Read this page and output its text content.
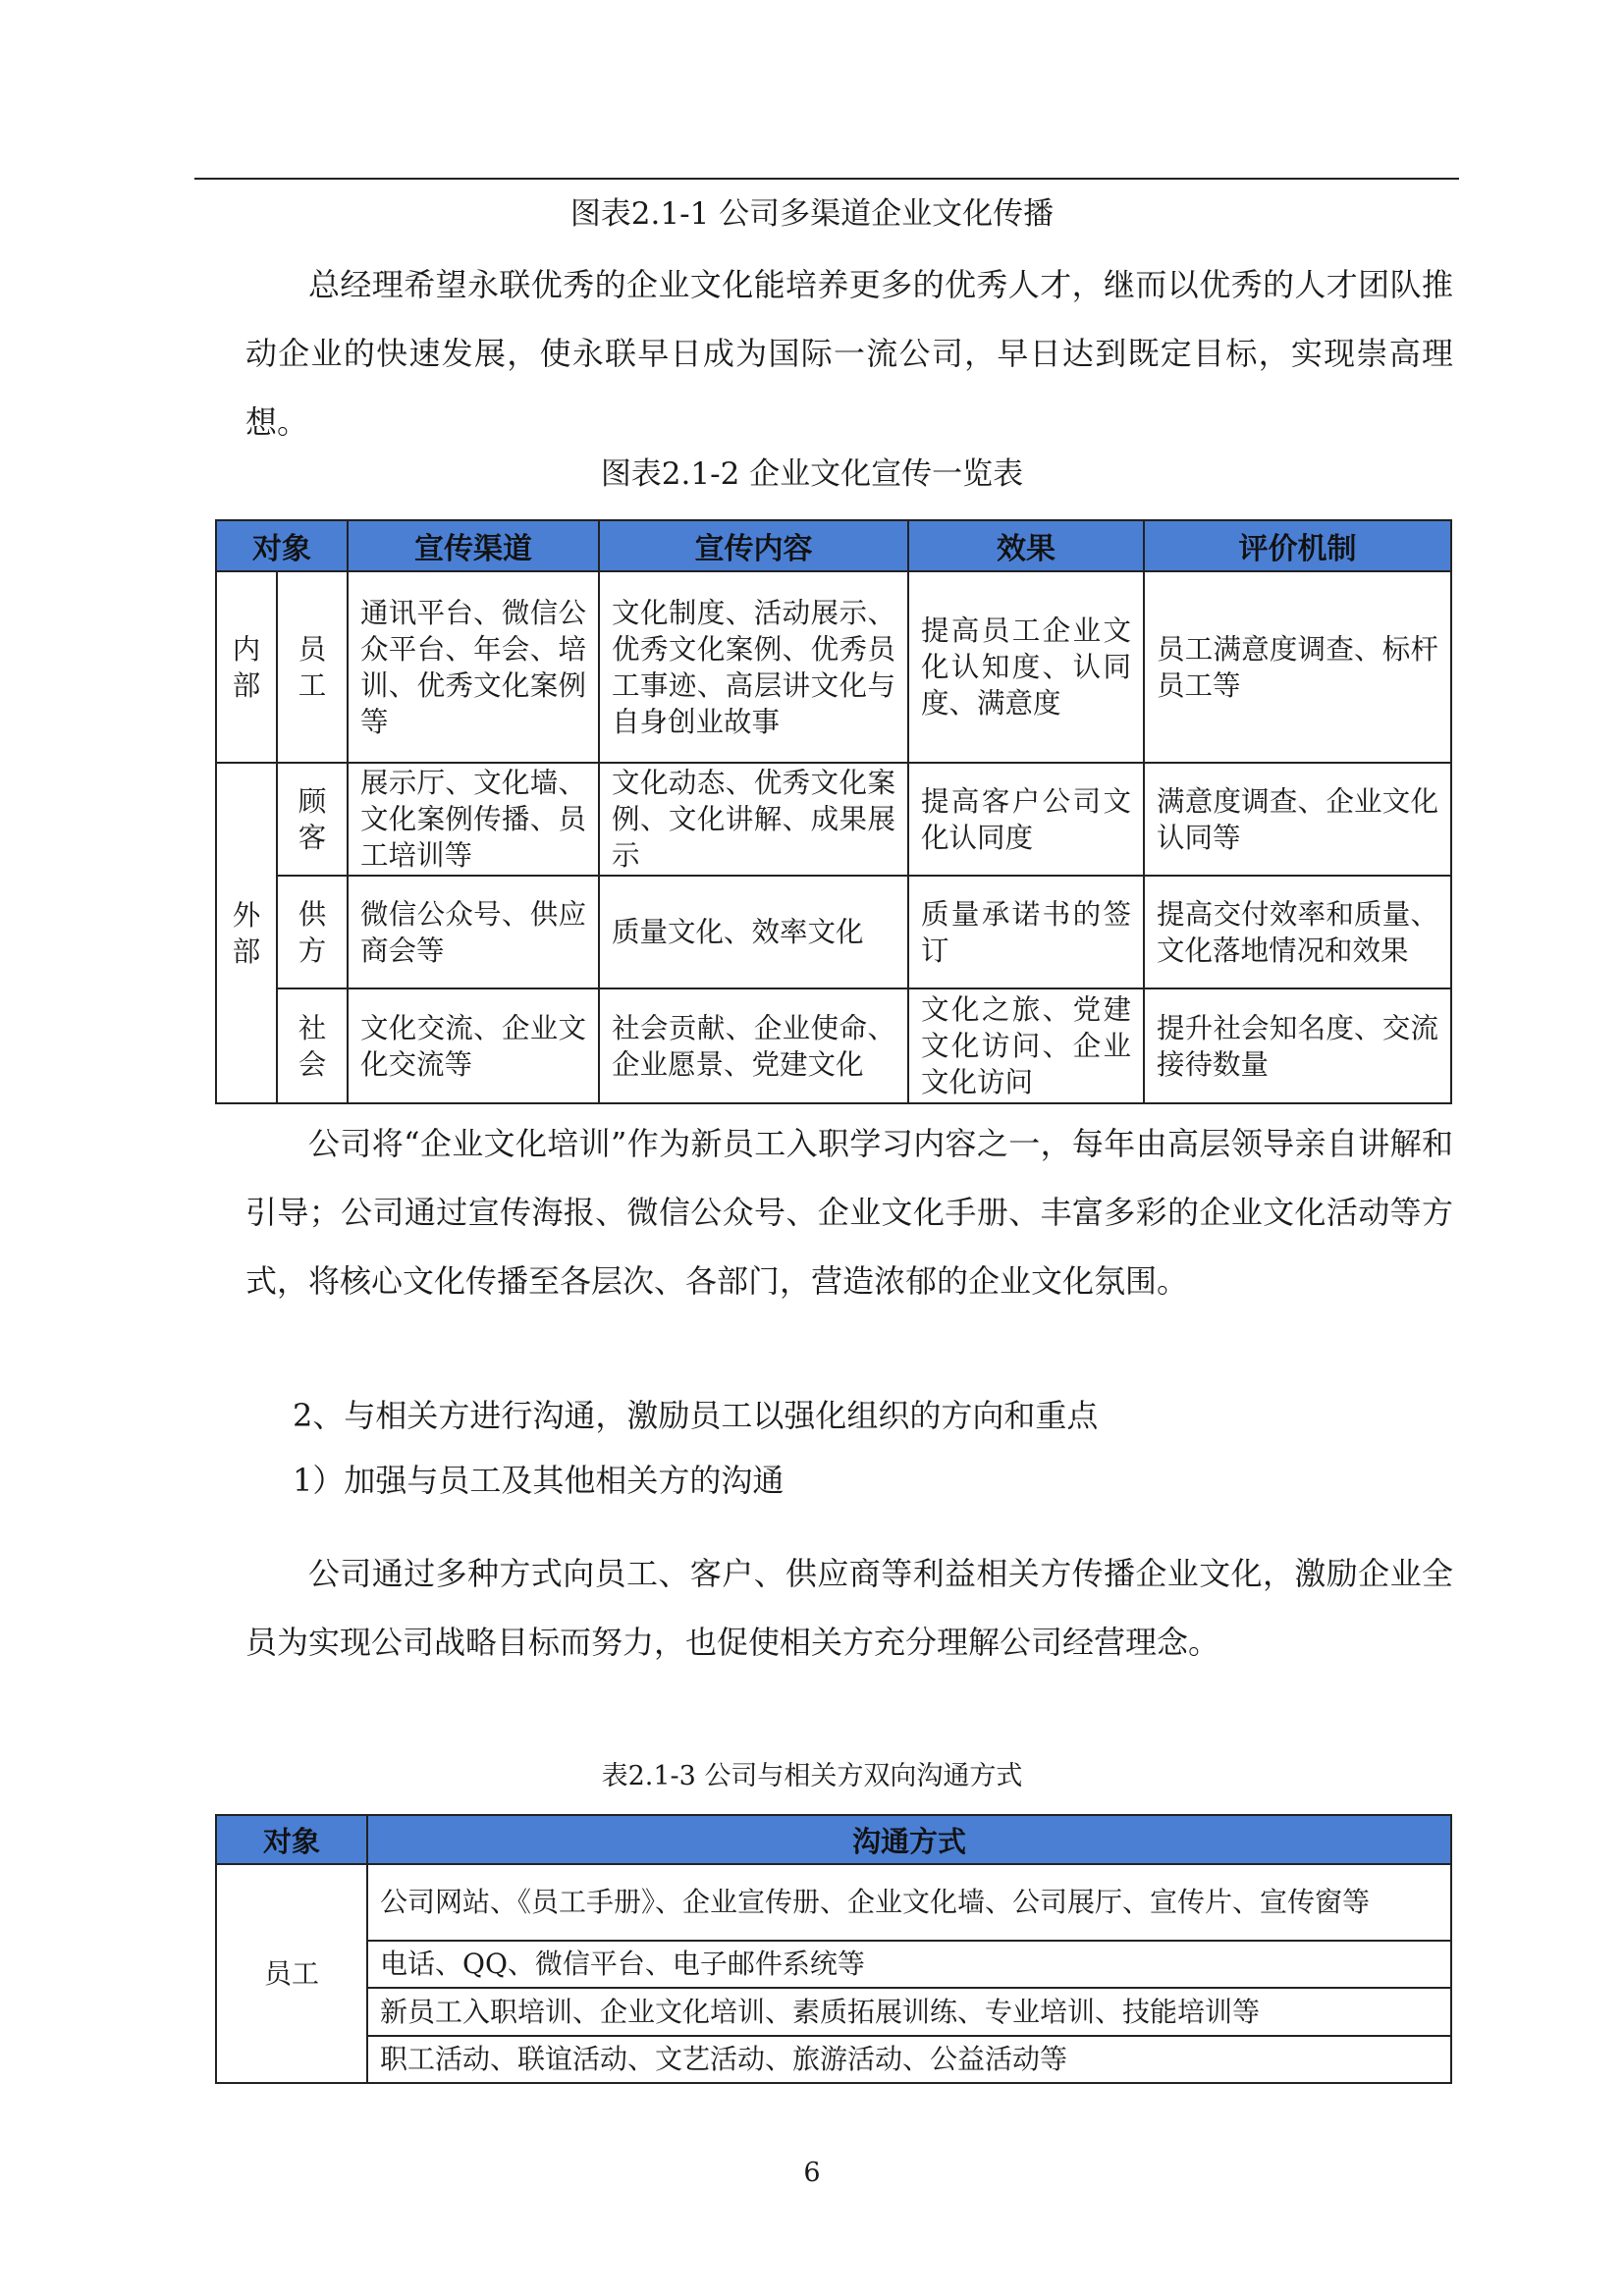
图表2.1-1 公司多渠道企业文化传播

总经理希望永联优秀的企业文化能培养更多的优秀人才，继而以优秀的人才团队推动企业的快速发展，使永联早日成为国际一流公司，早日达到既定目标，实现崇高理想。

图表2.1-2 企业文化宣传一览表
对象		宣传渠道	宣传内容	效果	评价机制
内部	员工	通讯平台、微信公众平台、年会、培训、优秀文化案例等	文化制度、活动展示、优秀文化案例、优秀员工事迹、高层讲文化与自身创业故事	提高员工企业文化认知度、认同度、满意度	员工满意度调查、标杆员工等
外部	顾客	展示厅、文化墙、文化案例传播、员工培训等	文化动态、优秀文化案例、文化讲解、成果展示	提高客户公司文化认同度	满意度调查、企业文化认同等
	供方	微信公众号、供应商会等	质量文化、效率文化	质量承诺书的签订	提高交付效率和质量、文化落地情况和效果
	社会	文化交流、企业文化交流等	社会贡献、企业使命、企业愿景、党建文化	文化之旅、党建文化访问、企业文化访问	提升社会知名度、交流接待数量

公司将“企业文化培训”作为新员工入职学习内容之一，每年由高层领导亲自讲解和引导；公司通过宣传海报、微信公众号、企业文化手册、丰富多彩的企业文化活动等方式，将核心文化传播至各层次、各部门，营造浓郁的企业文化氛围。

2、与相关方进行沟通，激励员工以强化组织的方向和重点
1）加强与员工及其他相关方的沟通

公司通过多种方式向员工、客户、供应商等利益相关方传播企业文化，激励企业全员为实现公司战略目标而努力，也促使相关方充分理解公司经营理念。

表2.1-3 公司与相关方双向沟通方式
对象	沟通方式
员工	公司网站、《员工手册》、企业宣传册、企业文化墙、公司展厅、宣传片、宣传窗等
	电话、QQ、微信平台、电子邮件系统等
	新员工入职培训、企业文化培训、素质拓展训练、专业培训、技能培训等
	职工活动、联谊活动、文艺活动、旅游活动、公益活动等
6
